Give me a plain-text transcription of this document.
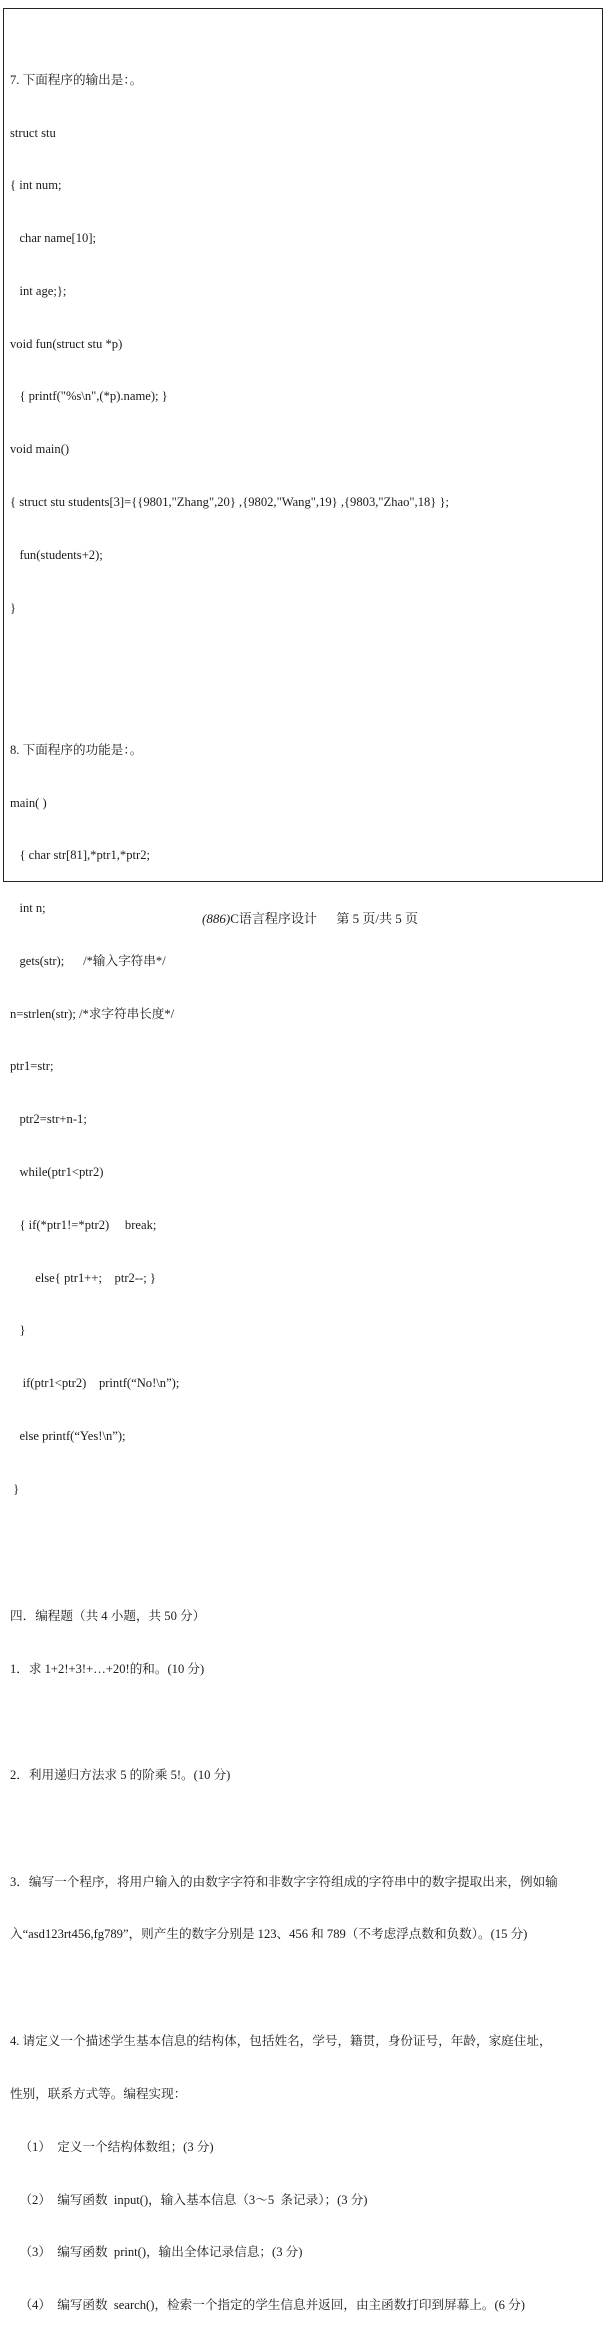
7. 下面程序的输出是：。

struct stu

{ int num;

char name[10];

int age;};

void fun(struct stu *p)

{ printf("%s\n",(*p).name); }

void main()

{ struct stu students[3]={{9801,"Zhang",20} ,{9802,"Wang",19} ,{9803,"Zhao",18} };

fun(students+2);

}

8. 下面程序的功能是：。

main( )

{ char str[81],*ptr1,*ptr2;

int n;

gets(str);      /*输入字符串*/

n=strlen(str); /*求字符串长度*/

ptr1=str;

ptr2=str+n-1;

while(ptr1<ptr2)

{ if(*ptr1!=*ptr2)     break;

else{ ptr1++;    ptr2--; }

}

if(ptr1<ptr2)    printf(“No!\n”);

else printf(“Yes!\n”);

}

四．编程题（共 4 小题，共 50 分）

1．求 1+2!+3!+…+20!的和。(10 分)

2．利用递归方法求 5 的阶乘 5!。(10 分)

3．编写一个程序，将用户输入的由数字字符和非数字字符组成的字符串中的数字提取出来，例如输

入“asd123rt456,fg789”，则产生的数字分别是 123、456 和 789（不考虑浮点数和负数）。(15 分)

4. 请定义一个描述学生基本信息的结构体，包括姓名，学号，籍贯，身份证号，年龄，家庭住址，

性别，联系方式等。编程实现：

（1）  定义一个结构体数组；(3 分)

（2）  编写函数  input()，输入基本信息（3～5  条记录）；(3 分)

（3）  编写函数  print()，输出全体记录信息；(3 分)

（4）  编写函数  search()，检索一个指定的学生信息并返回，由主函数打印到屏幕上。(6 分)

(886)C语言程序设计 第 5 页/共 5 页
